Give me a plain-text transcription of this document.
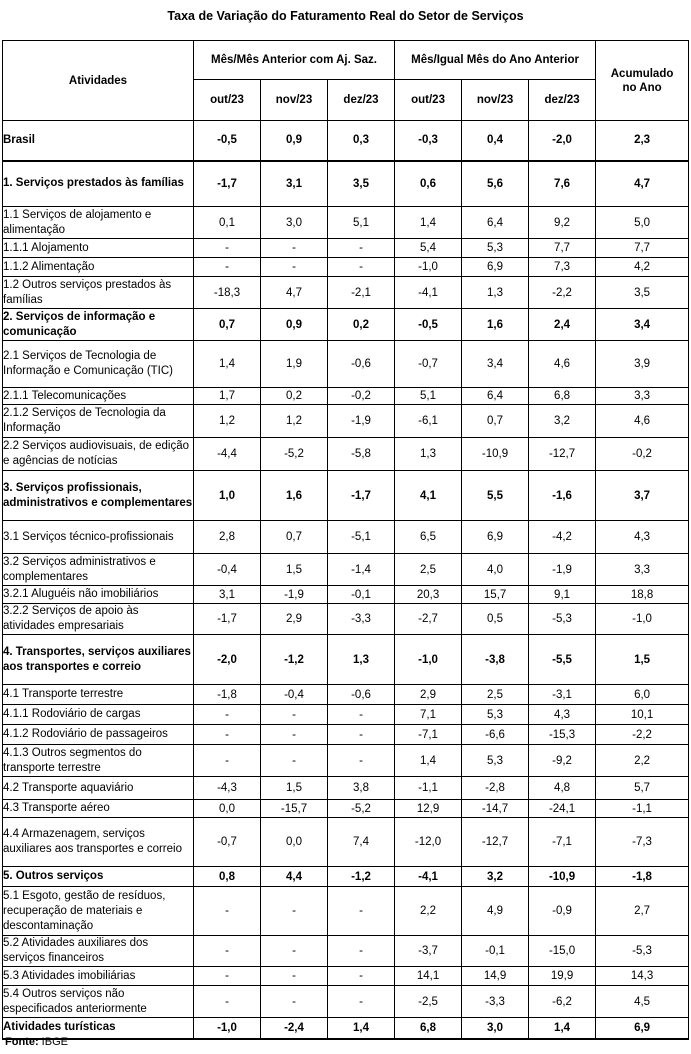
Taxa de Variação do Faturamento Real do Setor de Serviços
Atividades	Mês/Mês Anterior com Aj. Saz.			Mês/Igual Mês do Ano Anterior			Acumulado no Ano
	out/23	nov/23	dez/23	out/23	nov/23	dez/23	
Brasil	-0,5	0,9	0,3	-0,3	0,4	-2,0	2,3
1. Serviços prestados às famílias	-1,7	3,1	3,5	0,6	5,6	7,6	4,7
1.1 Serviços de alojamento e alimentação	0,1	3,0	5,1	1,4	6,4	9,2	5,0
1.1.1 Alojamento	-	-	-	5,4	5,3	7,7	7,7
1.1.2 Alimentação	-	-	-	-1,0	6,9	7,3	4,2
1.2 Outros serviços prestados às famílias	-18,3	4,7	-2,1	-4,1	1,3	-2,2	3,5
2. Serviços de informação e comunicação	0,7	0,9	0,2	-0,5	1,6	2,4	3,4
2.1 Serviços de Tecnologia de Informação e Comunicação (TIC)	1,4	1,9	-0,6	-0,7	3,4	4,6	3,9
2.1.1 Telecomunicações	1,7	0,2	-0,2	5,1	6,4	6,8	3,3
2.1.2 Serviços de Tecnologia da Informação	1,2	1,2	-1,9	-6,1	0,7	3,2	4,6
2.2 Serviços audiovisuais, de edição e agências de notícias	-4,4	-5,2	-5,8	1,3	-10,9	-12,7	-0,2
3. Serviços profissionais, administrativos e complementares	1,0	1,6	-1,7	4,1	5,5	-1,6	3,7
3.1 Serviços técnico-profissionais	2,8	0,7	-5,1	6,5	6,9	-4,2	4,3
3.2 Serviços administrativos e complementares	-0,4	1,5	-1,4	2,5	4,0	-1,9	3,3
3.2.1 Aluguéis não imobiliários	3,1	-1,9	-0,1	20,3	15,7	9,1	18,8
3.2.2 Serviços de apoio às atividades empresariais	-1,7	2,9	-3,3	-2,7	0,5	-5,3	-1,0
4. Transportes, serviços auxiliares aos transportes e correio	-2,0	-1,2	1,3	-1,0	-3,8	-5,5	1,5
4.1 Transporte terrestre	-1,8	-0,4	-0,6	2,9	2,5	-3,1	6,0
4.1.1 Rodoviário de cargas	-	-	-	7,1	5,3	4,3	10,1
4.1.2 Rodoviário de passageiros	-	-	-	-7,1	-6,6	-15,3	-2,2
4.1.3 Outros segmentos do transporte terrestre	-	-	-	1,4	5,3	-9,2	2,2
4.2 Transporte aquaviário	-4,3	1,5	3,8	-1,1	-2,8	4,8	5,7
4.3 Transporte aéreo	0,0	-15,7	-5,2	12,9	-14,7	-24,1	-1,1
4.4 Armazenagem, serviços auxiliares aos transportes e correio	-0,7	0,0	7,4	-12,0	-12,7	-7,1	-7,3
5. Outros serviços	0,8	4,4	-1,2	-4,1	3,2	-10,9	-1,8
5.1 Esgoto, gestão de resíduos, recuperação de materiais e descontaminação	-	-	-	2,2	4,9	-0,9	2,7
5.2 Atividades auxiliares dos serviços financeiros	-	-	-	-3,7	-0,1	-15,0	-5,3
5.3 Atividades imobiliárias	-	-	-	14,1	14,9	19,9	14,3
5.4 Outros serviços não especificados anteriormente	-	-	-	-2,5	-3,3	-6,2	4,5
Atividades turísticas	-1,0	-2,4	1,4	6,8	3,0	1,4	6,9
Fonte: IBGE
